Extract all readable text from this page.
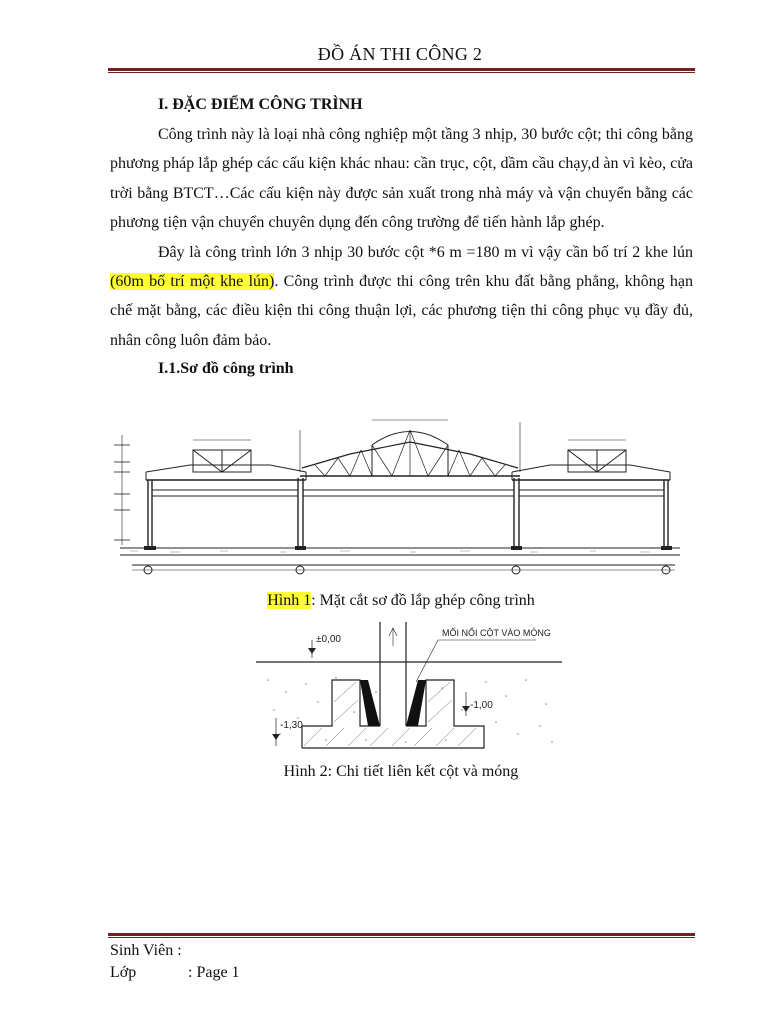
ĐỒ ÁN THI CÔNG 2
I. ĐẶC ĐIỂM CÔNG TRÌNH

Công trình này là loại nhà công nghiệp một tầng 3 nhịp, 30 bước cột; thi công bằng phương pháp lắp ghép các cấu kiện khác nhau: cần trục, cột, dầm cầu chạy,d àn vì kèo, cửa trời bằng BTCT…Các cấu kiện này được sản xuất trong nhà máy và vận chuyển bằng các phương tiện vận chuyển chuyên dụng đến công trường để tiến hành lắp ghép.

Đây là công trình lớn 3 nhịp 30 bước cột *6 m =180 m vì vậy cần bố trí 2 khe lún (60m bố trí một khe lún). Công trình được thi công trên khu đất bằng phẳng, không hạn chế mặt bằng, các điều kiện thi công thuận lợi, các phương tiện thi công phục vụ đầy đủ, nhân công luôn đảm bảo.

I.1.Sơ đồ công trình
Hình 1: Mặt cắt sơ đồ lắp ghép công trình
MỐI NỐI CỘT VÀO MÓNG
±0,00
-1,00
-1,30
Hình 2: Chi tiết liên kết cột và móng
Sinh Viên :
Lớp	: Page 1
